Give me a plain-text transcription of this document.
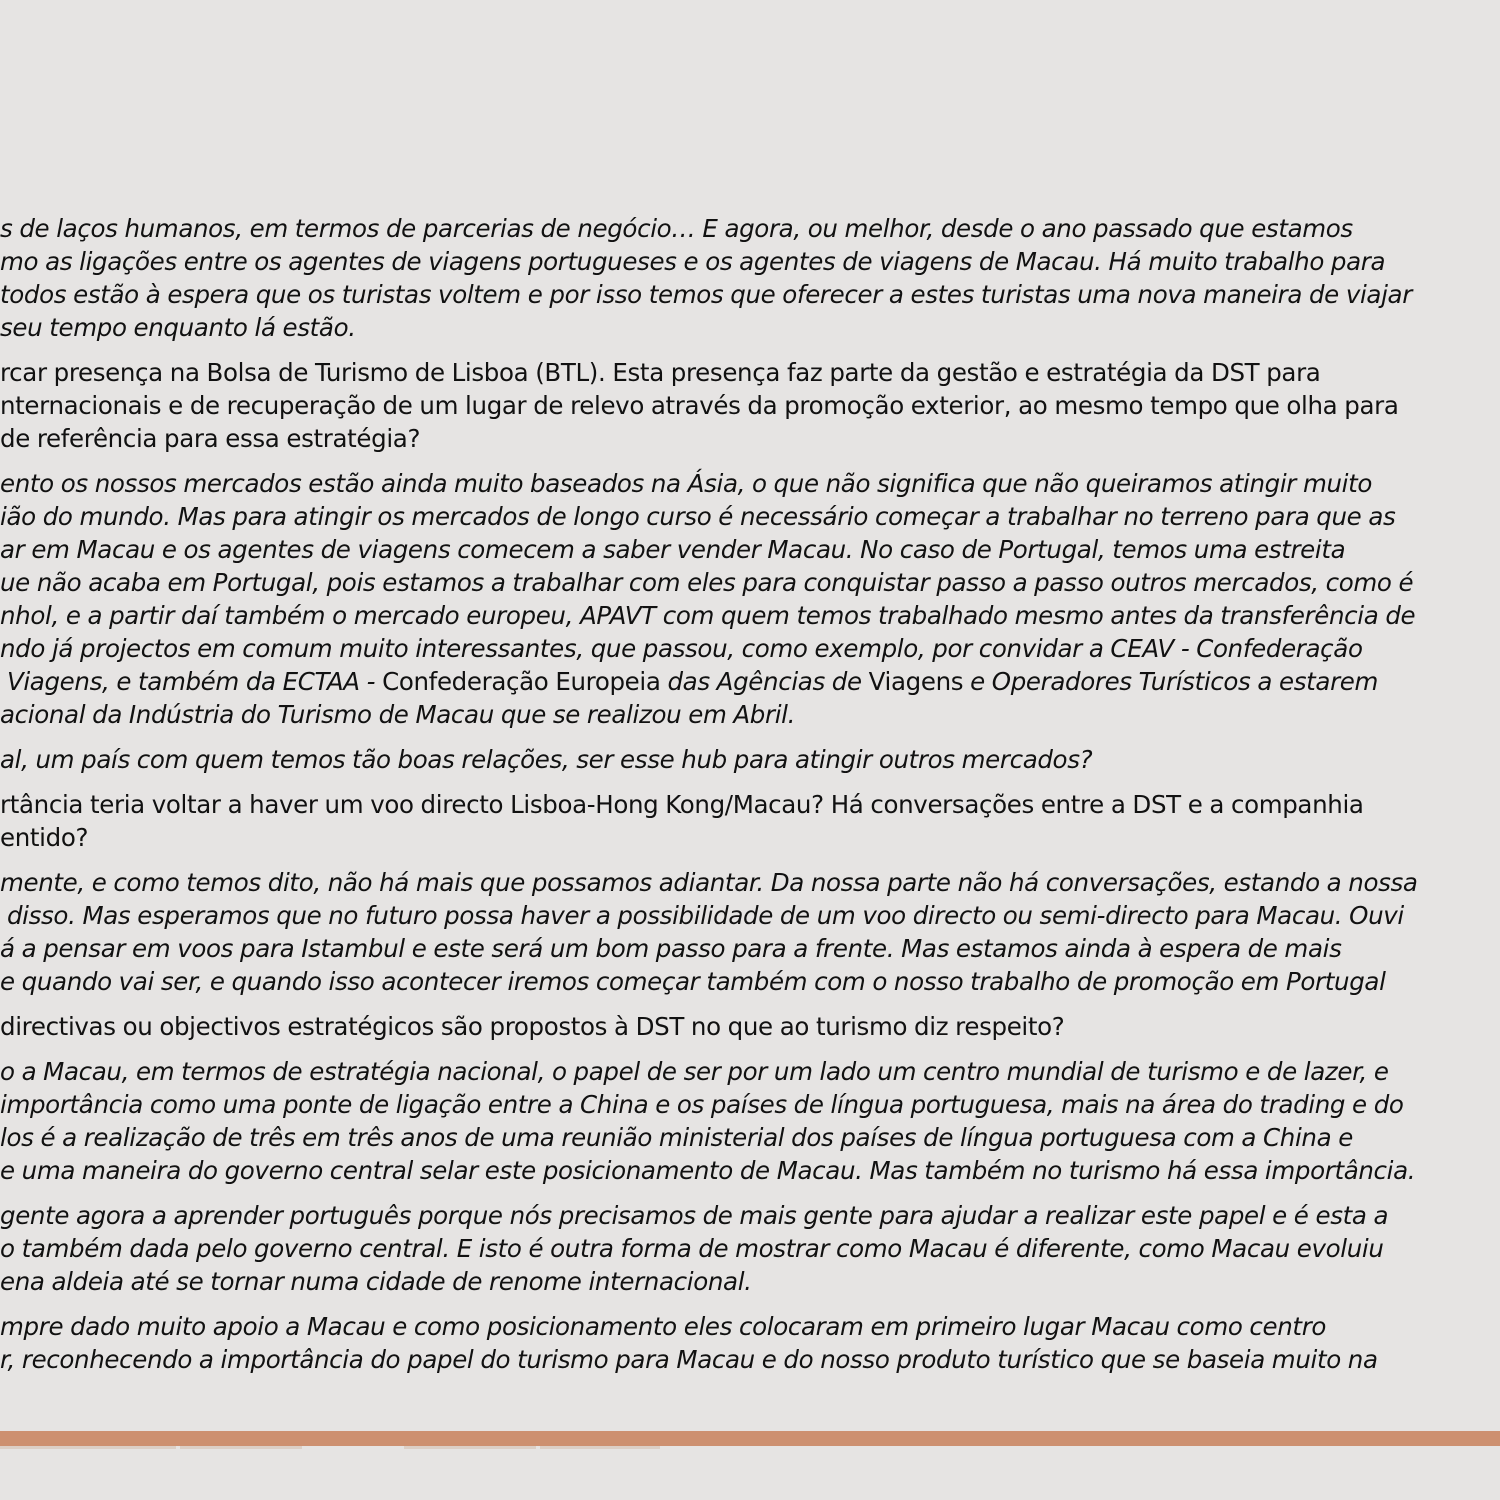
s de laços humanos, em termos de parcerias de negócio… E agora, ou melhor, desde o ano passado que estamos
mo as ligações entre os agentes de viagens portugueses e os agentes de viagens de Macau. Há muito trabalho para
todos estão à espera que os turistas voltem e por isso temos que oferecer a estes turistas uma nova maneira de viajar
seu tempo enquanto lá estão.
rcar presença na Bolsa de Turismo de Lisboa (BTL). Esta presença faz parte da gestão e estratégia da DST para
nternacionais e de recuperação de um lugar de relevo através da promoção exterior, ao mesmo tempo que olha para
de referência para essa estratégia?
ento os nossos mercados estão ainda muito baseados na Ásia, o que não significa que não queiramos atingir muito
ião do mundo. Mas para atingir os mercados de longo curso é necessário começar a trabalhar no terreno para que as
ar em Macau e os agentes de viagens comecem a saber vender Macau. No caso de Portugal, temos uma estreita
ue não acaba em Portugal, pois estamos a trabalhar com eles para conquistar passo a passo outros mercados, como é
nhol, e a partir daí também o mercado europeu, APAVT com quem temos trabalhado mesmo antes da transferência de
ndo já projectos em comum muito interessantes, que passou, como exemplo, por convidar a CEAV - Confederação
Viagens, e também da ECTAA - Confederação Europeia das Agências de Viagens e Operadores Turísticos a estarem
acional da Indústria do Turismo de Macau que se realizou em Abril.
al, um país com quem temos tão boas relações, ser esse hub para atingir outros mercados?
rtância teria voltar a haver um voo directo Lisboa-Hong Kong/Macau? Há conversações entre a DST e a companhia
entido?
mente, e como temos dito, não há mais que possamos adiantar. Da nossa parte não há conversações, estando a nossa
disso. Mas esperamos que no futuro possa haver a possibilidade de um voo directo ou semi-directo para Macau. Ouvi
á a pensar em voos para Istambul e este será um bom passo para a frente. Mas estamos ainda à espera de mais
e quando vai ser, e quando isso acontecer iremos começar também com o nosso trabalho de promoção em Portugal
directivas ou objectivos estratégicos são propostos à DST no que ao turismo diz respeito?
o a Macau, em termos de estratégia nacional, o papel de ser por um lado um centro mundial de turismo e de lazer, e
importância como uma ponte de ligação entre a China e os países de língua portuguesa, mais na área do trading e do
los é a realização de três em três anos de uma reunião ministerial dos países de língua portuguesa com a China e
e uma maneira do governo central selar este posicionamento de Macau. Mas também no turismo há essa importância.
gente agora a aprender português porque nós precisamos de mais gente para ajudar a realizar este papel e é esta a
o também dada pelo governo central. E isto é outra forma de mostrar como Macau é diferente, como Macau evoluiu
ena aldeia até se tornar numa cidade de renome internacional.
mpre dado muito apoio a Macau e como posicionamento eles colocaram em primeiro lugar Macau como centro
r, reconhecendo a importância do papel do turismo para Macau e do nosso produto turístico que se baseia muito na
